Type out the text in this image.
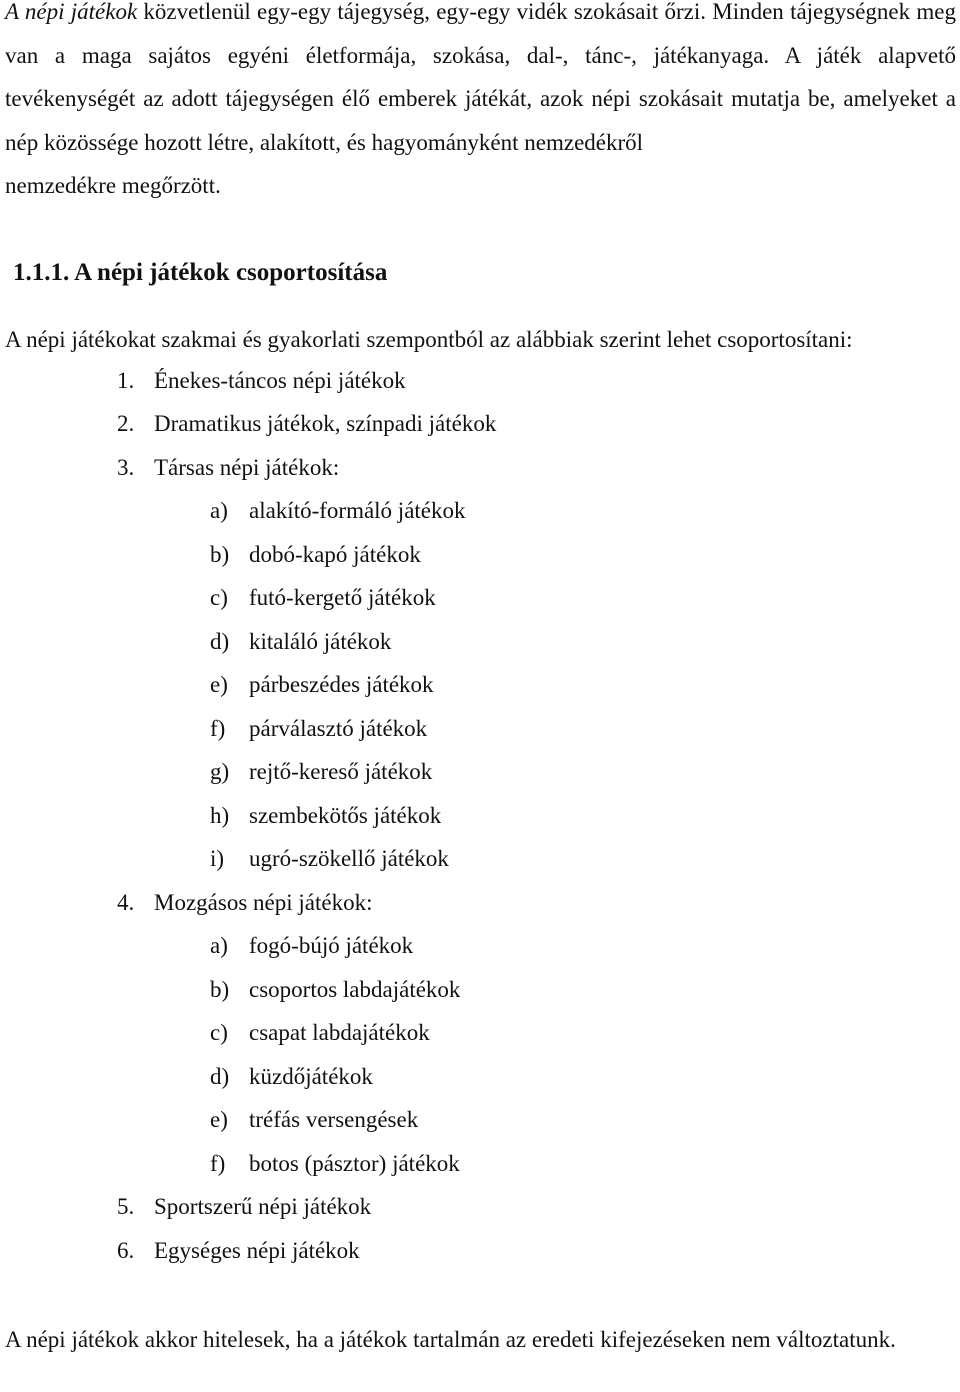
A népi játékok közvetlenül egy-egy tájegység, egy-egy vidék szokásait őrzi. Minden tájegységnek meg van a maga sajátos egyéni életformája, szokása, dal-, tánc-, játékanyaga. A játék alapvető tevékenységét az adott tájegységen élő emberek játékát, azok népi szokásait mutatja be, amelyeket a nép közössége hozott létre, alakított, és hagyományként nemzedékről

nemzedékre megőrzött.

1.1.1. A népi játékok csoportosítása

A népi játékokat szakmai és gyakorlati szempontból az alábbiak szerint lehet csoportosítani:

1. Énekes-táncos népi játékok
2. Dramatikus játékok, színpadi játékok
3. Társas népi játékok:
a) alakító-formáló játékok
b) dobó-kapó játékok
c) futó-kergető játékok
d) kitaláló játékok
e) párbeszédes játékok
f)	párválasztó játékok
g) rejtő-kereső játékok
h) szembekötős játékok
i)	ugró-szökellő játékok
4. Mozgásos népi játékok:
a) fogó-bújó játékok
b) csoportos labdajátékok
c) csapat labdajátékok
d) küzdőjátékok
e) tréfás versengések
f)	botos (pásztor) játékok
5. Sportszerű népi játékok
6. Egységes népi játékok

A népi játékok akkor hitelesek, ha a játékok tartalmán az eredeti kifejezéseken nem változtatunk.
